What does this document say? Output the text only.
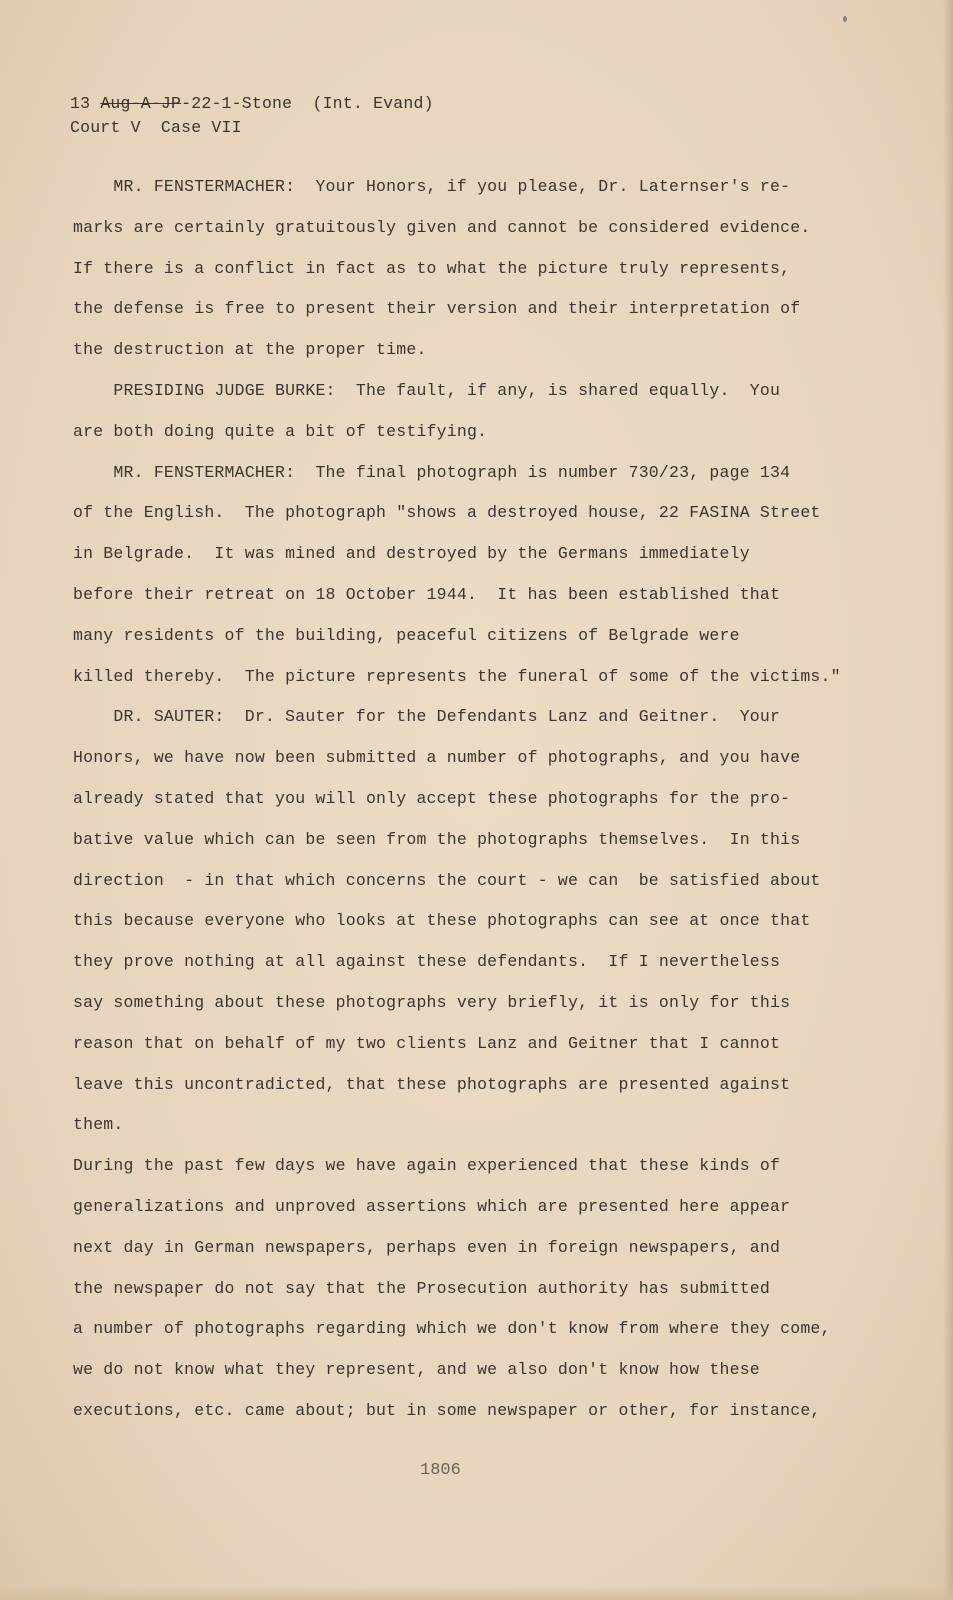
13 Aug-A-JP-22-1-Stone  (Int. Evand)
Court V  Case VII
MR. FENSTERMACHER:  Your Honors, if you please, Dr. Laternser's re-
marks are certainly gratuitously given and cannot be considered evidence.
If there is a conflict in fact as to what the picture truly represents,
the defense is free to present their version and their interpretation of
the destruction at the proper time.
PRESIDING JUDGE BURKE:  The fault, if any, is shared equally.  You
are both doing quite a bit of testifying.
MR. FENSTERMACHER:  The final photograph is number 730/23, page 134
of the English.  The photograph "shows a destroyed house, 22 FASINA Street
in Belgrade.  It was mined and destroyed by the Germans immediately
before their retreat on 18 October 1944.  It has been established that
many residents of the building, peaceful citizens of Belgrade were
killed thereby.  The picture represents the funeral of some of the victims."
DR. SAUTER:  Dr. Sauter for the Defendants Lanz and Geitner.  Your
Honors, we have now been submitted a number of photographs, and you have
already stated that you will only accept these photographs for the pro-
bative value which can be seen from the photographs themselves.  In this
direction  - in that which concerns the court - we can  be satisfied about
this because everyone who looks at these photographs can see at once that
they prove nothing at all against these defendants.  If I nevertheless
say something about these photographs very briefly, it is only for this
reason that on behalf of my two clients Lanz and Geitner that I cannot
leave this uncontradicted, that these photographs are presented against
them.
During the past few days we have again experienced that these kinds of
generalizations and unproved assertions which are presented here appear
next day in German newspapers, perhaps even in foreign newspapers, and
the newspaper do not say that the Prosecution authority has submitted
a number of photographs regarding which we don't know from where they come,
we do not know what they represent, and we also don't know how these
executions, etc. came about; but in some newspaper or other, for instance,
1806
